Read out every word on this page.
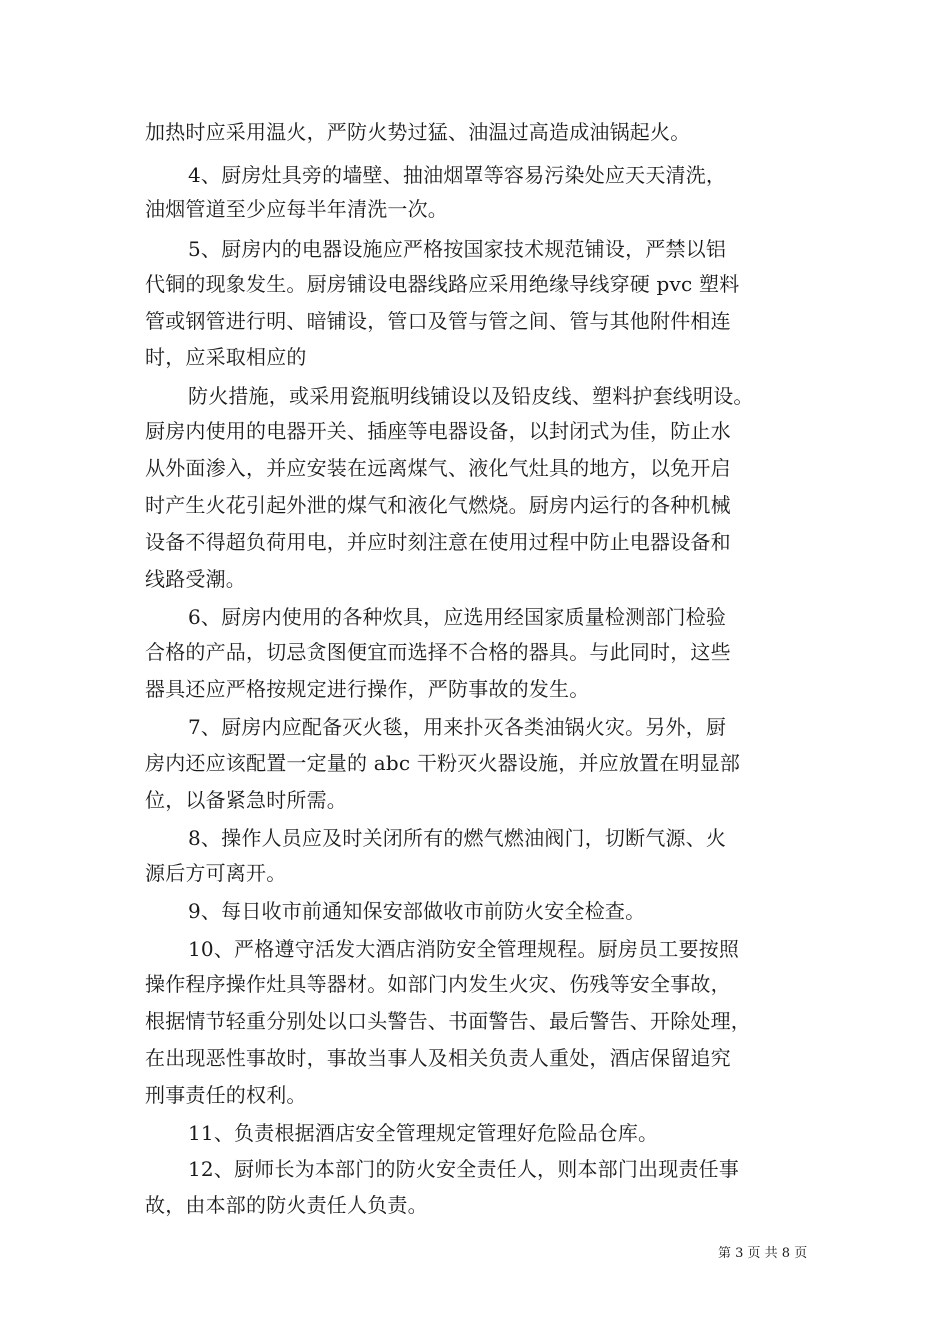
加热时应采用温火，严防火势过猛、油温过高造成油锅起火。
4、厨房灶具旁的墙壁、抽油烟罩等容易污染处应天天清洗，
油烟管道至少应每半年清洗一次。
5、厨房内的电器设施应严格按国家技术规范铺设，严禁以铝
代铜的现象发生。厨房铺设电器线路应采用绝缘导线穿硬 pvc 塑料
管或钢管进行明、暗铺设，管口及管与管之间、管与其他附件相连
时，应采取相应的
防火措施，或采用瓷瓶明线铺设以及铅皮线、塑料护套线明设。
厨房内使用的电器开关、插座等电器设备，以封闭式为佳，防止水
从外面渗入，并应安装在远离煤气、液化气灶具的地方，以免开启
时产生火花引起外泄的煤气和液化气燃烧。厨房内运行的各种机械
设备不得超负荷用电，并应时刻注意在使用过程中防止电器设备和
线路受潮。
6、厨房内使用的各种炊具，应选用经国家质量检测部门检验
合格的产品，切忌贪图便宜而选择不合格的器具。与此同时，这些
器具还应严格按规定进行操作，严防事故的发生。
7、厨房内应配备灭火毯，用来扑灭各类油锅火灾。另外，厨
房内还应该配置一定量的 abc 干粉灭火器设施，并应放置在明显部
位，以备紧急时所需。
8、操作人员应及时关闭所有的燃气燃油阀门，切断气源、火
源后方可离开。
9、每日收市前通知保安部做收市前防火安全检查。
10、严格遵守活发大酒店消防安全管理规程。厨房员工要按照
操作程序操作灶具等器材。如部门内发生火灾、伤残等安全事故，
根据情节轻重分别处以口头警告、书面警告、最后警告、开除处理，
在出现恶性事故时，事故当事人及相关负责人重处，酒店保留追究
刑事责任的权利。
11、负责根据酒店安全管理规定管理好危险品仓库。
12、厨师长为本部门的防火安全责任人，则本部门出现责任事
故，由本部的防火责任人负责。
第 3 页 共 8 页
